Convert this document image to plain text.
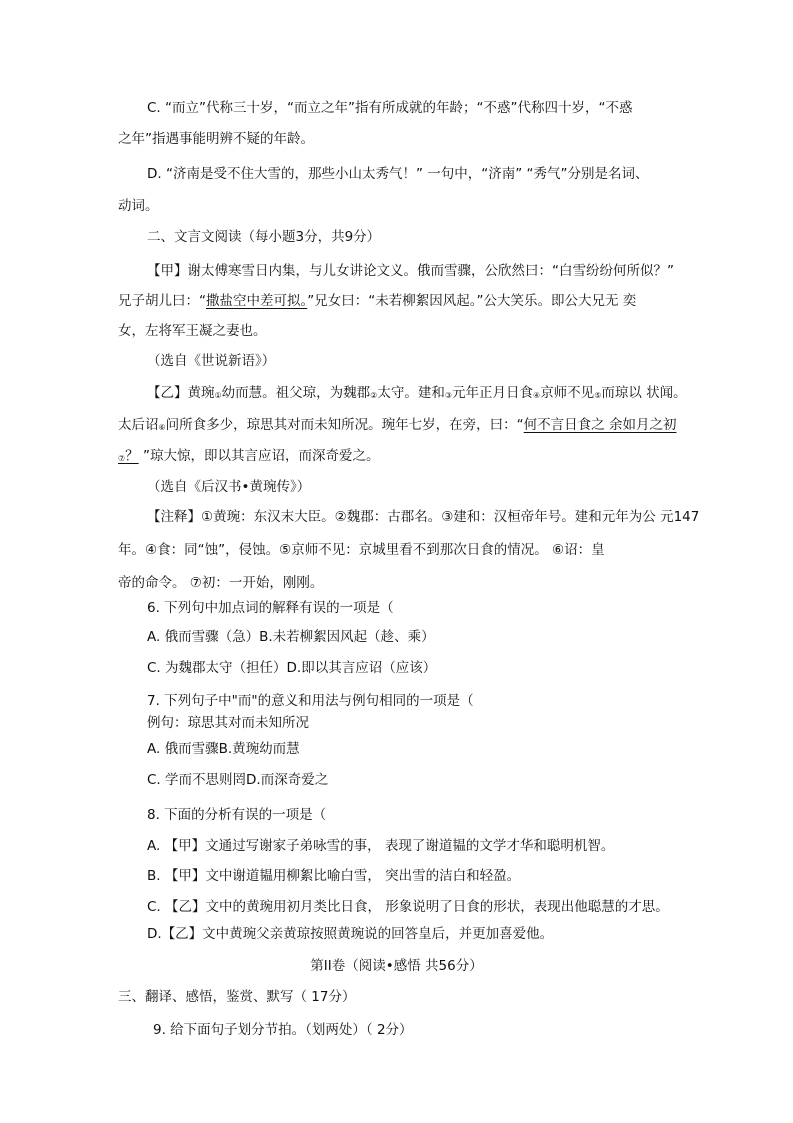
C. “而立”代称三十岁，“而立之年”指有所成就的年龄；“不惑”代称四十岁，“不惑
之年”指遇事能明辨不疑的年龄。
D. “济南是受不住大雪的，那些小山太秀气！” 一句中，“济南” “秀气”分别是名词、
动词。
二、文言文阅读（每小题3分，共9分）
【甲】谢太傅寒雪日内集，与儿女讲论文义。俄而雪骤，公欣然曰：“白雪纷纷何所似？”
兄子胡儿曰：“撒盐空中差可拟。”兄女曰：“未若柳絮因风起。”公大笑乐。即公大兄无 奕
女，左将军王凝之妻也。
（选自《世说新语》）
【乙】黄琬①幼而慧。祖父琼，为魏郡②太守。建和③元年正月日食④京师不见⑤而琼以 状闻。
太后诏⑥问所食多少，琼思其对而未知所况。琬年七岁，在旁，曰：“何不言日食之 余如月之初
⑦？ ”琼大惊，即以其言应诏，而深奇爱之。
（选自《后汉书•黄琬传》）
【注释】①黄琬：东汉末大臣。②魏郡：古郡名。③建和：汉桓帝年号。建和元年为公 元147
年。④食：同“蚀”，侵蚀。⑤京师不见：京城里看不到那次日食的情况。 ⑥诏：皇
帝的命令。 ⑦初：一开始，刚刚。
6. 下列句中加点词的解释有误的一项是（
A. 俄而雪骤（急）B.未若柳絮因风起（趁、乘）
C. 为魏郡太守（担任）D.即以其言应诏（应该）
7. 下列句子中"而"的意义和用法与例句相同的一项是（
例句：琼思其对而未知所况
A. 俄而雪骤B.黄琬幼而慧
C. 学而不思则罔D.而深奇爱之
8. 下面的分析有误的一项是（
A. 【甲】文通过写谢家子弟咏雪的事， 表现了谢道韫的文学才华和聪明机智。
B. 【甲】文中谢道韫用柳絮比喻白雪， 突出雪的洁白和轻盈。
C. 【乙】文中的黄琬用初月类比日食， 形象说明了日食的形状，表现出他聪慧的才思。
D.【乙】文中黄琬父亲黄琼按照黄琬说的回答皇后，并更加喜爱他。
第II卷（阅读•感悟 共56分）
三、翻译、感悟，鉴赏、默写（ 17分）
9. 给下面句子划分节拍。（划两处）（ 2分）
